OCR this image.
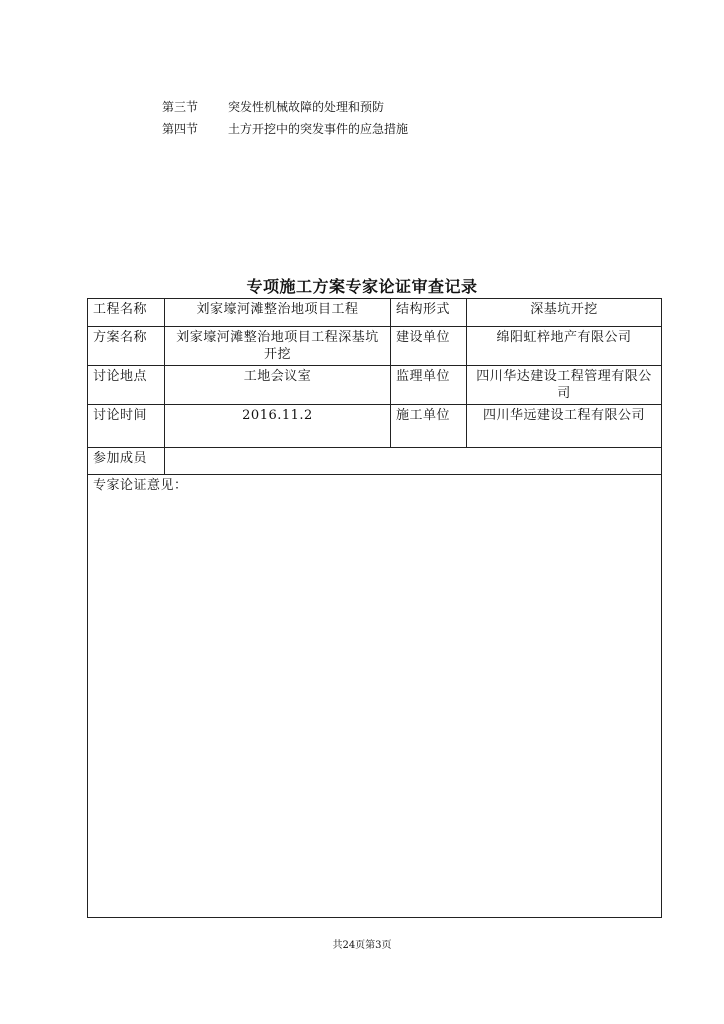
第三节	突发性机械故障的处理和预防
第四节	土方开挖中的突发事件的应急措施
专项施工方案专家论证审查记录
工程名称	刘家壕河滩整治地项目工程	结构形式	深基坑开挖
方案名称	刘家壕河滩整治地项目工程深基坑开挖	建设单位	绵阳虹梓地产有限公司
讨论地点	工地会议室	监理单位	四川华达建设工程管理有限公司
讨论时间	2016.11.2	施工单位	四川华远建设工程有限公司
参加成员			
专家论证意见：			
共24页第3页
